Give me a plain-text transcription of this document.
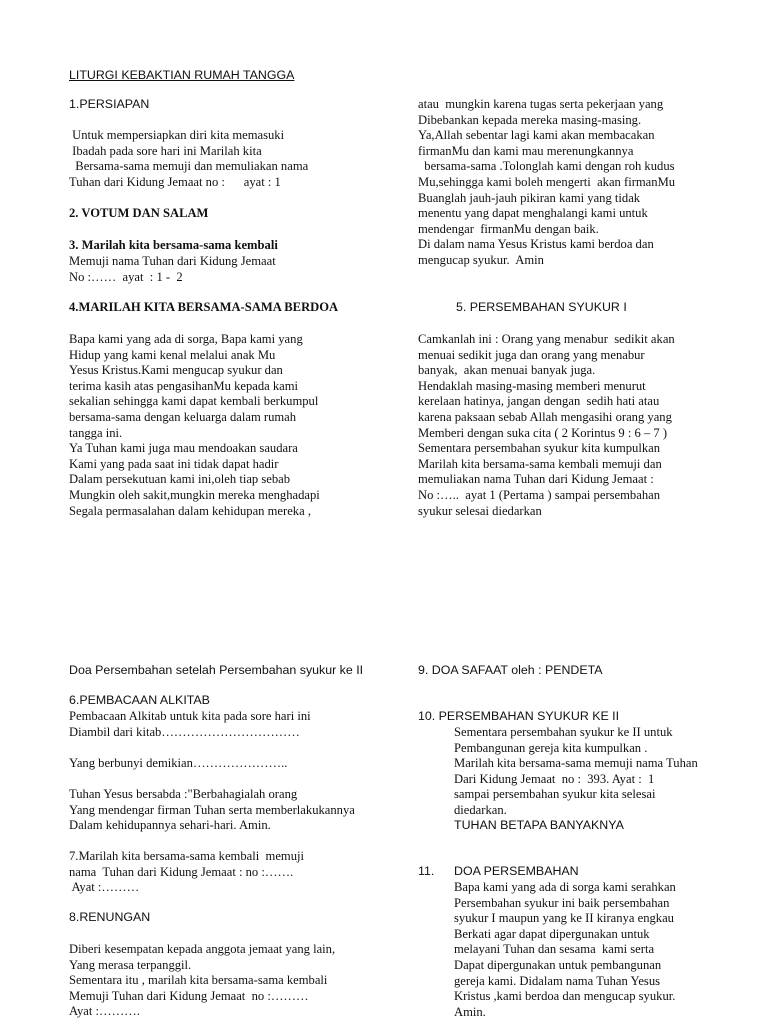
LITURGI KEBAKTIAN RUMAH TANGGA
1.PERSIAPAN
Untuk mempersiapkan diri kita memasuki
Ibadah pada sore hari ini Marilah kita
Bersama-sama memuji dan memuliakan nama
Tuhan dari Kidung Jemaat no :      ayat : 1
2. VOTUM DAN SALAM
3. Marilah kita bersama-sama kembali
Memuji nama Tuhan dari Kidung Jemaat
No :……  ayat  : 1 -  2
4.MARILAH KITA BERSAMA-SAMA BERDOA
Bapa kami yang ada di sorga, Bapa kami yang
Hidup yang kami kenal melalui anak Mu
Yesus Kristus.Kami mengucap syukur dan
terima kasih atas pengasihanMu kepada kami
sekalian sehingga kami dapat kembali berkumpul
bersama-sama dengan keluarga dalam rumah
tangga ini.
Ya Tuhan kami juga mau mendoakan saudara
Kami yang pada saat ini tidak dapat hadir
Dalam persekutuan kami ini,oleh tiap sebab
Mungkin oleh sakit,mungkin mereka menghadapi
Segala permasalahan dalam kehidupan mereka ,
Doa Persembahan setelah Persembahan syukur ke II
6.PEMBACAAN ALKITAB
Pembacaan Alkitab untuk kita pada sore hari ini
Diambil dari kitab……………………………
Yang berbunyi demikian…………………..
Tuhan Yesus bersabda :"Berbahagialah orang
Yang mendengar firman Tuhan serta memberlakukannya
Dalam kehidupannya sehari-hari. Amin.
7.Marilah kita bersama-sama kembali  memuji
nama  Tuhan dari Kidung Jemaat : no :…….
Ayat :………
8.RENUNGAN
Diberi kesempatan kepada anggota jemaat yang lain,
Yang merasa terpanggil.
Sementara itu , marilah kita bersama-sama kembali
Memuji Tuhan dari Kidung Jemaat  no :………
Ayat :……….
atau  mungkin karena tugas serta pekerjaan yang
Dibebankan kepada mereka masing-masing.
Ya,Allah sebentar lagi kami akan membacakan
firmanMu dan kami mau merenungkannya
bersama-sama .Tolonglah kami dengan roh kudus
Mu,sehingga kami boleh mengerti  akan firmanMu
Buanglah jauh-jauh pikiran kami yang tidak
menentu yang dapat menghalangi kami untuk
mendengar  firmanMu dengan baik.
Di dalam nama Yesus Kristus kami berdoa dan
mengucap syukur.  Amin
5. PERSEMBAHAN SYUKUR I
Camkanlah ini : Orang yang menabur  sedikit akan
menuai sedikit juga dan orang yang menabur
banyak,  akan menuai banyak juga.
Hendaklah masing-masing memberi menurut
kerelaan hatinya, jangan dengan  sedih hati atau
karena paksaan sebab Allah mengasihi orang yang
Memberi dengan suka cita ( 2 Korintus 9 : 6 – 7 )
Sementara persembahan syukur kita kumpulkan
Marilah kita bersama-sama kembali memuji dan
memuliakan nama Tuhan dari Kidung Jemaat :
No :…..  ayat 1 (Pertama ) sampai persembahan
syukur selesai diedarkan
9. DOA SAFAAT oleh : PENDETA
10. PERSEMBAHAN SYUKUR KE II
Sementara persembahan syukur ke II untuk
Pembangunan gereja kita kumpulkan .
Marilah kita bersama-sama memuji nama Tuhan
Dari Kidung Jemaat  no :  393. Ayat :  1
sampai persembahan syukur kita selesai
diedarkan.
TUHAN BETAPA BANYAKNYA
11. DOA PERSEMBAHAN
Bapa kami yang ada di sorga kami serahkan
Persembahan syukur ini baik persembahan
syukur I maupun yang ke II kiranya engkau
Berkati agar dapat dipergunakan untuk
melayani Tuhan dan sesama  kami serta
Dapat dipergunakan untuk pembangunan
gereja kami. Didalam nama Tuhan Yesus
Kristus ,kami berdoa dan mengucap syukur.
Amin.
